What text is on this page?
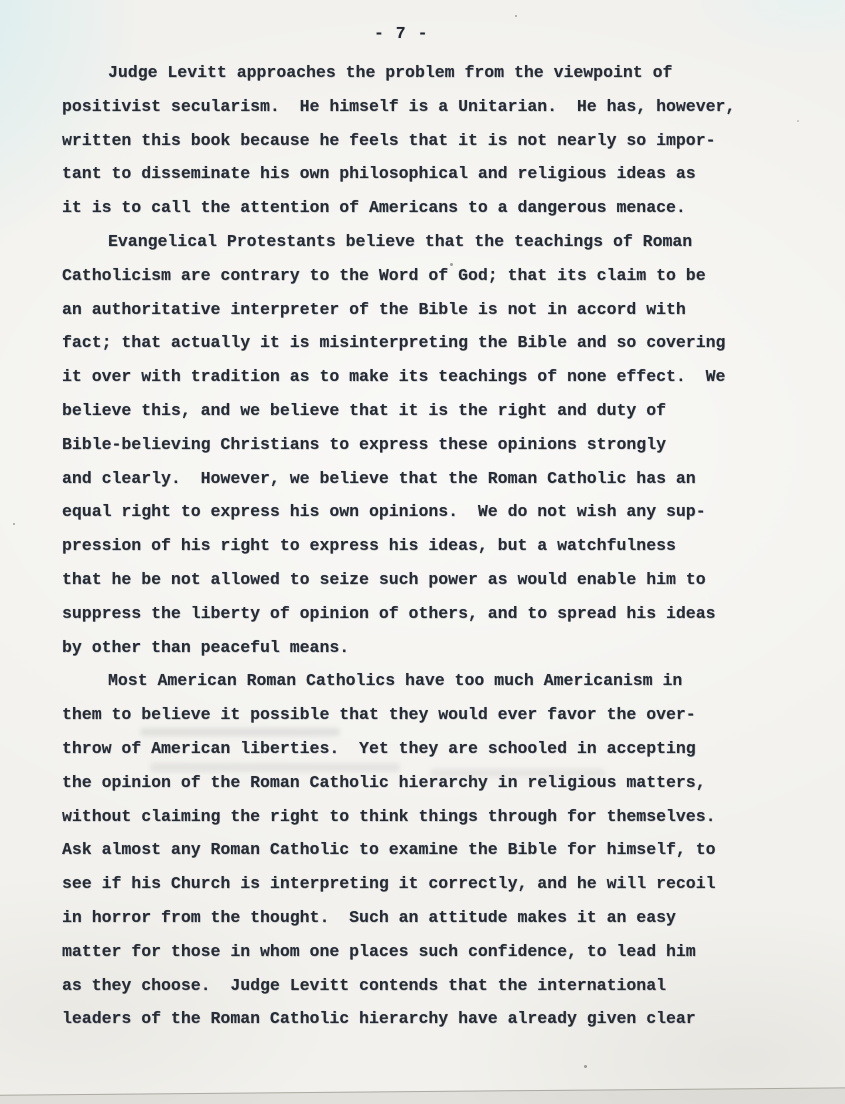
- 7 -
Judge Levitt approaches the problem from the viewpoint of
positivist secularism.  He himself is a Unitarian.  He has, however,
written this book because he feels that it is not nearly so impor-
tant to disseminate his own philosophical and religious ideas as
it is to call the attention of Americans to a dangerous menace.
Evangelical Protestants believe that the teachings of Roman
Catholicism are contrary to the Word of God; that its claim to be
an authoritative interpreter of the Bible is not in accord with
fact; that actually it is misinterpreting the Bible and so covering
it over with tradition as to make its teachings of none effect.  We
believe this, and we believe that it is the right and duty of
Bible-believing Christians to express these opinions strongly
and clearly.  However, we believe that the Roman Catholic has an
equal right to express his own opinions.  We do not wish any sup-
pression of his right to express his ideas, but a watchfulness
that he be not allowed to seize such power as would enable him to
suppress the liberty of opinion of others, and to spread his ideas
by other than peaceful means.
Most American Roman Catholics have too much Americanism in
them to believe it possible that they would ever favor the over-
throw of American liberties.  Yet they are schooled in accepting
the opinion of the Roman Catholic hierarchy in religious matters,
without claiming the right to think things through for themselves.
Ask almost any Roman Catholic to examine the Bible for himself, to
see if his Church is interpreting it correctly, and he will recoil
in horror from the thought.  Such an attitude makes it an easy
matter for those in whom one places such confidence, to lead him
as they choose.  Judge Levitt contends that the international
leaders of the Roman Catholic hierarchy have already given clear
